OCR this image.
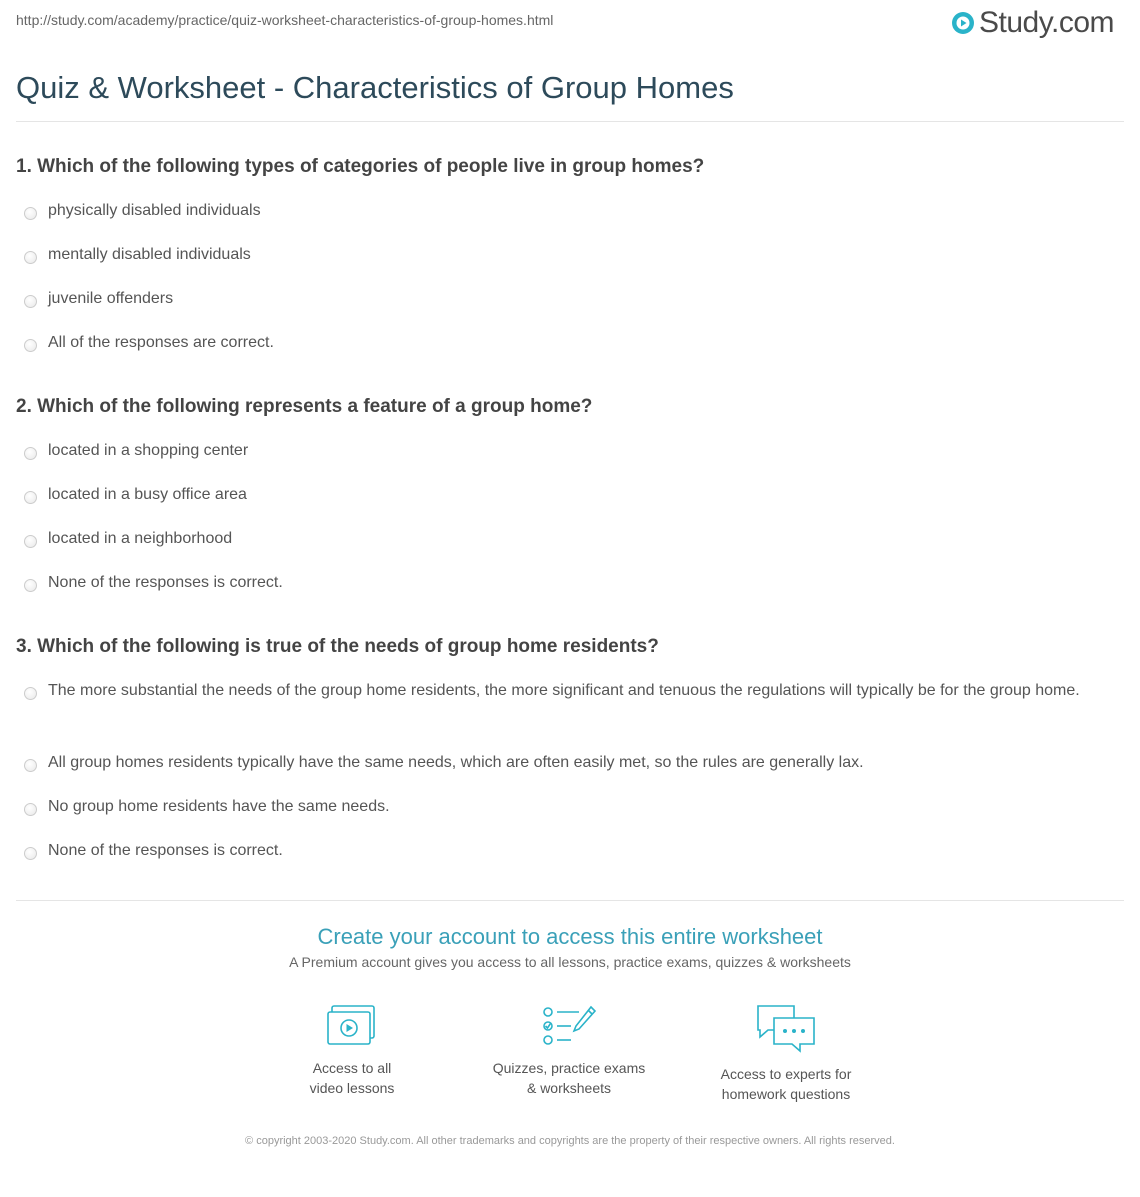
http://study.com/academy/practice/quiz-worksheet-characteristics-of-group-homes.html	Study.com
Quiz & Worksheet - Characteristics of Group Homes
1. Which of the following types of categories of people live in group homes?
physically disabled individuals
mentally disabled individuals
juvenile offenders
All of the responses are correct.
2. Which of the following represents a feature of a group home?
located in a shopping center
located in a busy office area
located in a neighborhood
None of the responses is correct.
3. Which of the following is true of the needs of group home residents?
The more substantial the needs of the group home residents, the more significant and tenuous the regulations will typically be for the group home.
All group homes residents typically have the same needs, which are often easily met, so the rules are generally lax.
No group home residents have the same needs.
None of the responses is correct.
Create your account to access this entire worksheet
A Premium account gives you access to all lessons, practice exams, quizzes & worksheets
Access to all
video lessons
Quizzes, practice exams
& worksheets
Access to experts for
homework questions
© copyright 2003-2020 Study.com. All other trademarks and copyrights are the property of their respective owners. All rights reserved.
